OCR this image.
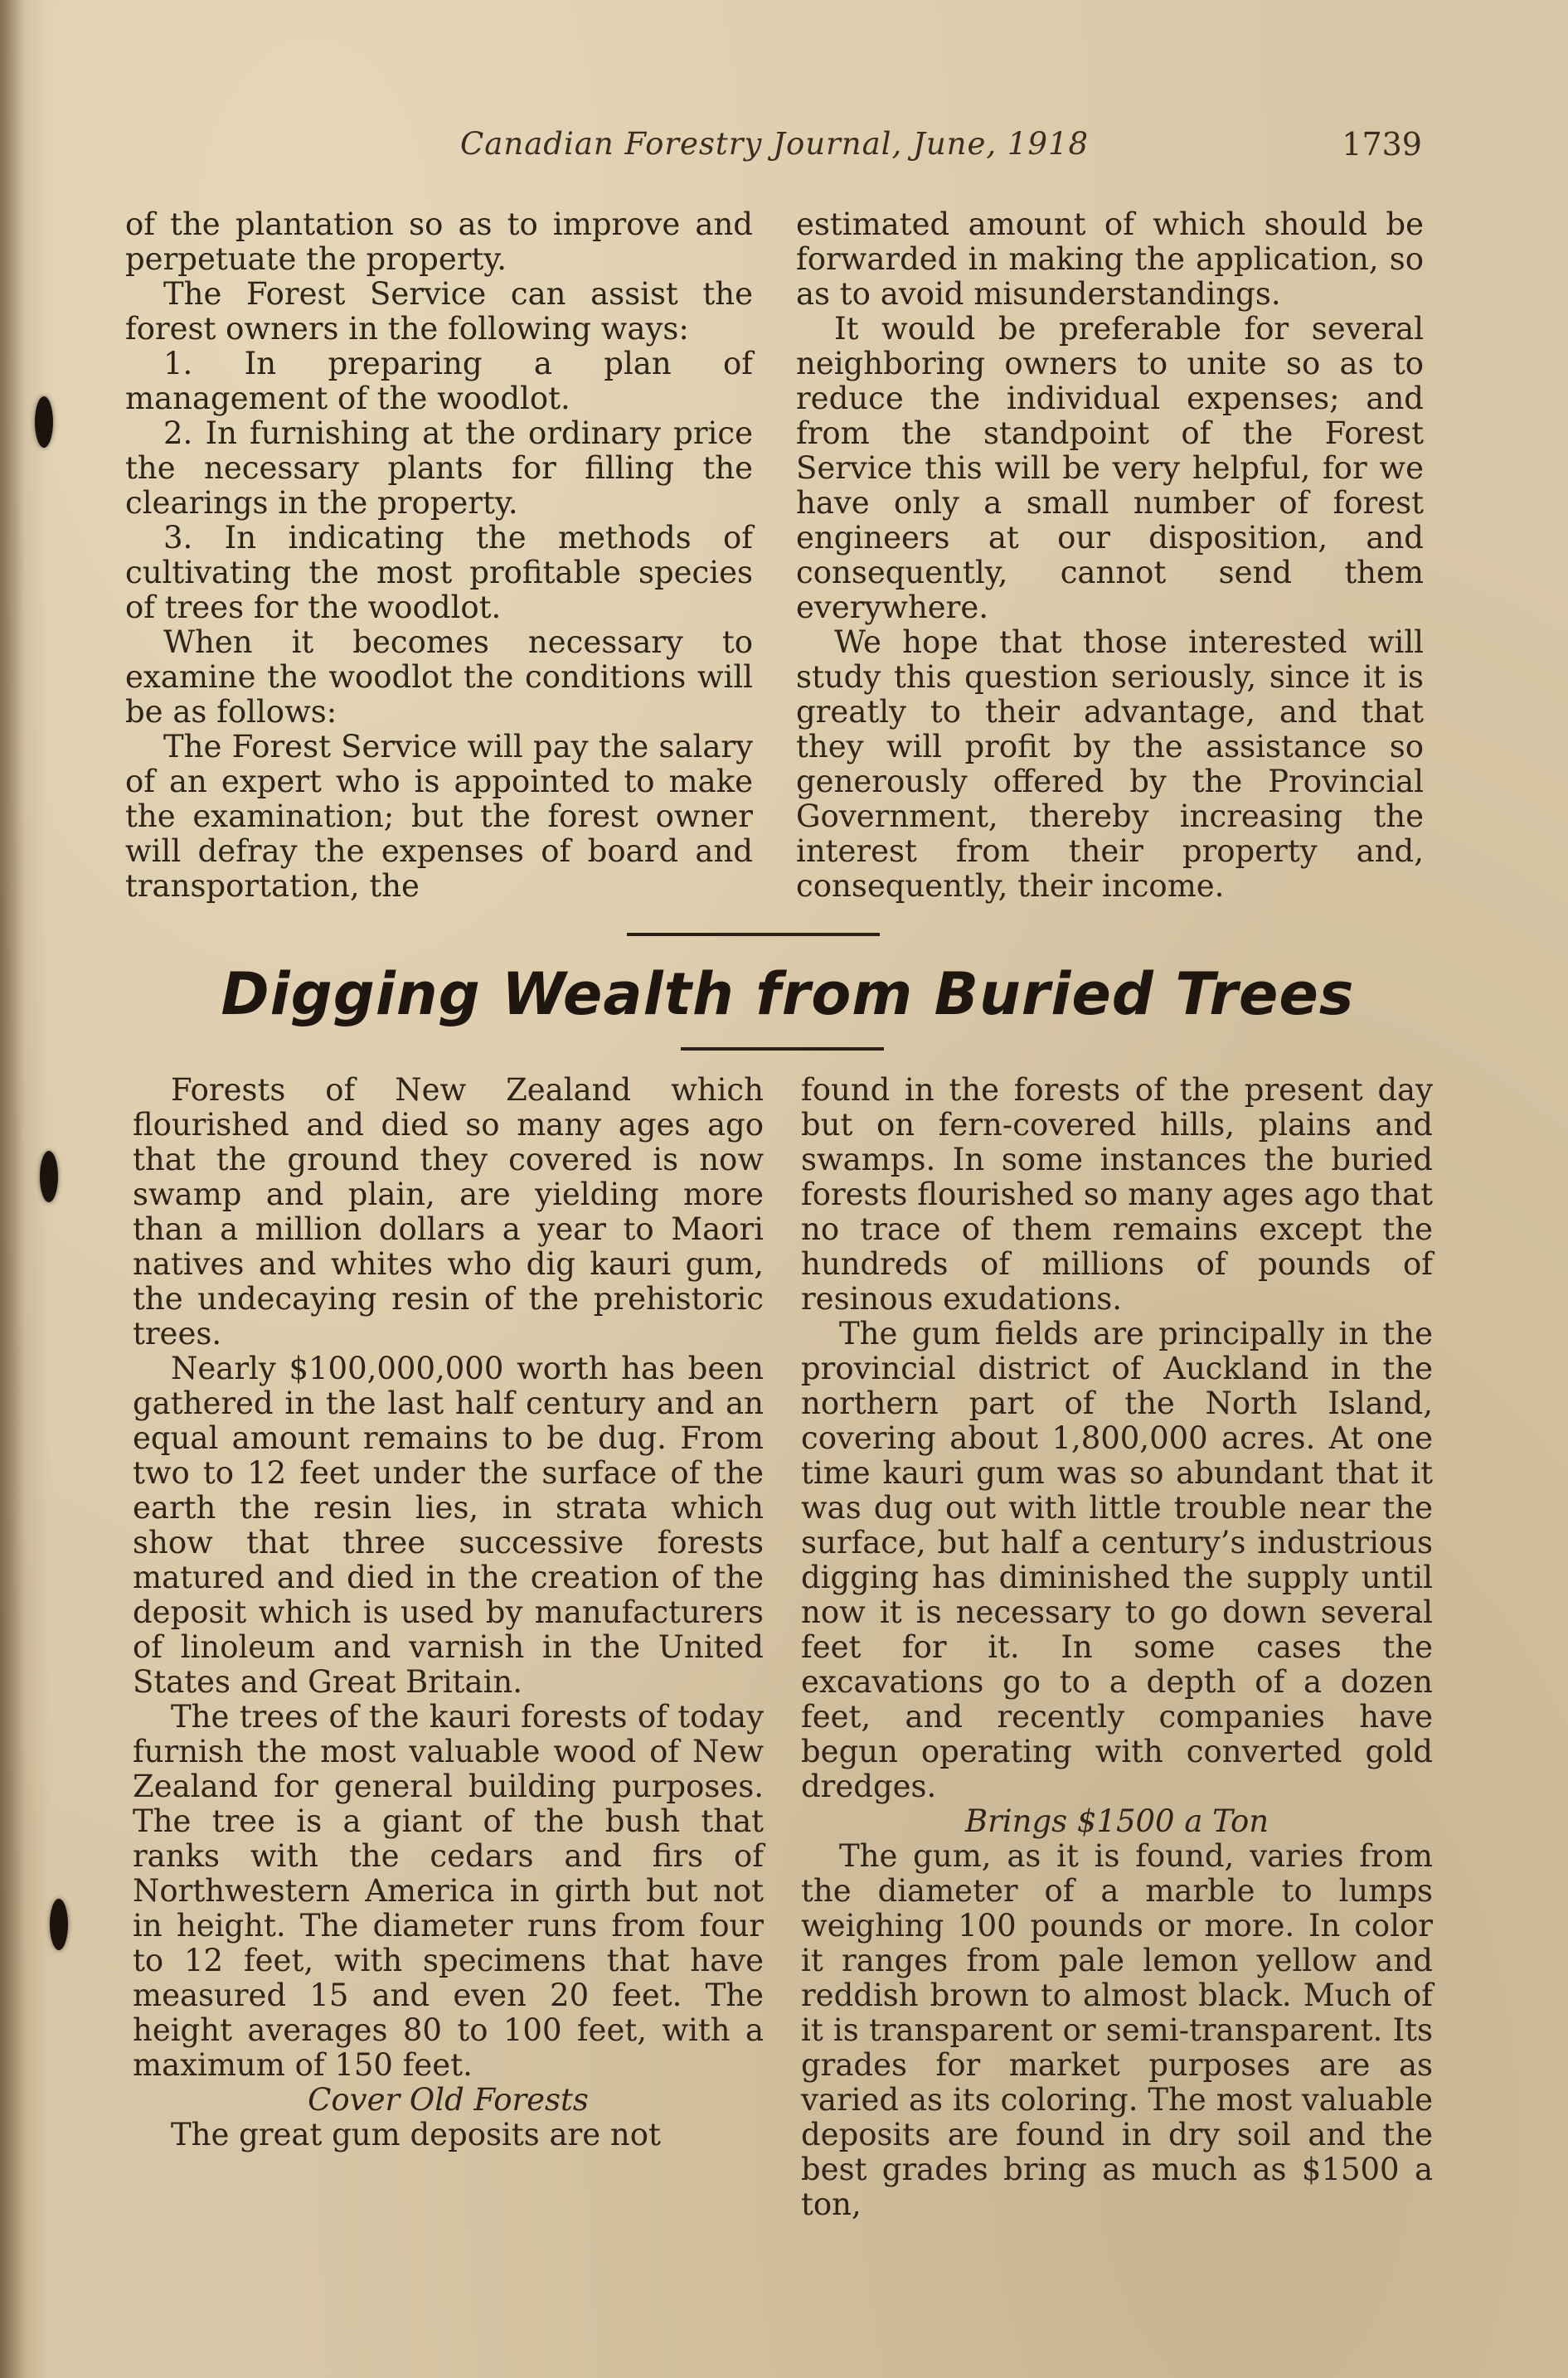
Canadian Forestry Journal, June, 1918	1739

of the plantation so as to improve and perpetuate the property.

The Forest Service can assist the forest owners in the following ways:

1. In preparing a plan of management of the woodlot.

2. In furnishing at the ordinary price the necessary plants for filling the clearings in the property.

3. In indicating the methods of cultivating the most profitable species of trees for the woodlot.

When it becomes necessary to examine the woodlot the conditions will be as follows:

The Forest Service will pay the salary of an expert who is appointed to make the examination; but the forest owner will defray the expenses of board and transportation, the

estimated amount of which should be forwarded in making the application, so as to avoid misunderstandings.

It would be preferable for several neighboring owners to unite so as to reduce the individual expenses; and from the standpoint of the Forest Service this will be very helpful, for we have only a small number of forest engineers at our disposition, and consequently, cannot send them everywhere.

We hope that those interested will study this question seriously, since it is greatly to their advantage, and that they will profit by the assistance so generously offered by the Provincial Government, thereby increasing the interest from their property and, consequently, their income.

Digging Wealth from Buried Trees

Forests of New Zealand which flourished and died so many ages ago that the ground they covered is now swamp and plain, are yielding more than a million dollars a year to Maori natives and whites who dig kauri gum, the undecaying resin of the prehistoric trees.

Nearly $100,000,000 worth has been gathered in the last half century and an equal amount remains to be dug. From two to 12 feet under the surface of the earth the resin lies, in strata which show that three successive forests matured and died in the creation of the deposit which is used by manufacturers of linoleum and varnish in the United States and Great Britain.

The trees of the kauri forests of today furnish the most valuable wood of New Zealand for general building purposes. The tree is a giant of the bush that ranks with the cedars and firs of Northwestern America in girth but not in height. The diameter runs from four to 12 feet, with specimens that have measured 15 and even 20 feet. The height averages 80 to 100 feet, with a maximum of 150 feet.

Cover Old Forests

The great gum deposits are not

found in the forests of the present day but on fern-covered hills, plains and swamps. In some instances the buried forests flourished so many ages ago that no trace of them remains except the hundreds of millions of pounds of resinous exudations.

The gum fields are principally in the provincial district of Auckland in the northern part of the North Island, covering about 1,800,000 acres. At one time kauri gum was so abundant that it was dug out with little trouble near the surface, but half a century’s industrious digging has diminished the supply until now it is necessary to go down several feet for it. In some cases the excavations go to a depth of a dozen feet, and recently companies have begun operating with converted gold dredges.

Brings $1500 a Ton

The gum, as it is found, varies from the diameter of a marble to lumps weighing 100 pounds or more. In color it ranges from pale lemon yellow and reddish brown to almost black. Much of it is transparent or semi-transparent. Its grades for market purposes are as varied as its coloring. The most valuable deposits are found in dry soil and the best grades bring as much as $1500 a ton,
